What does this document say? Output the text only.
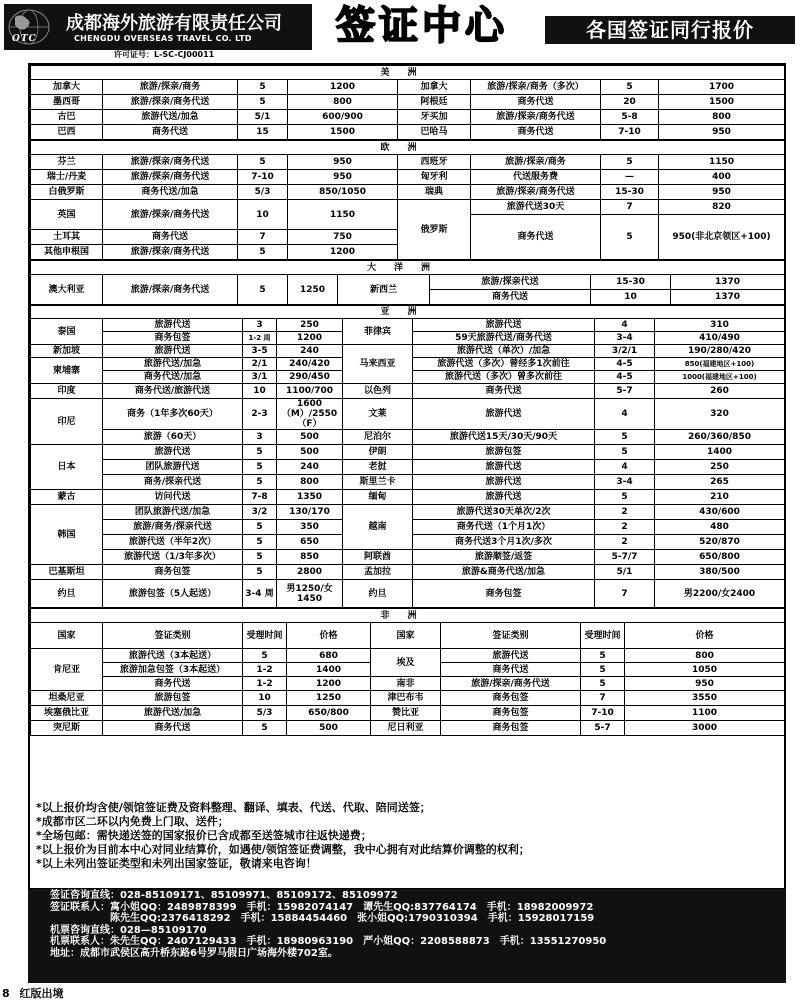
OTC
成都海外旅游有限责任公司
CHENGDU OVERSEAS TRAVEL CO. LTD
许可证号：L-SC-CJ00011
签证中心	各国签证同行报价
美洲							
加拿大	旅游/探亲/商务	5	1200	加拿大	旅游/探亲/商务（多次）	5	1700
墨西哥	旅游/探亲/商务代送	5	800	阿根廷	商务代送	20	1500
古巴	旅游代送/加急	5/1	600/900	牙买加	旅游/探亲/商务代送	5-8	800
巴西	商务代送	15	1500	巴哈马	商务代送	7-10	950
欧洲							
芬兰	旅游/探亲/商务代送	5	950	西班牙	旅游/探亲/商务	5	1150
瑞士/丹麦	旅游/探亲/商务代送	7-10	950	匈牙利	代送服务费	—	400
白俄罗斯	商务代送/加急	5/3	850/1050	瑞典	旅游/探亲/商务代送	15-30	950
英国	旅游/探亲/商务代送	10	1150	俄罗斯	旅游代送30天	7	820
					商务代送	5	950(非北京领区+100)
土耳其	商务代送	7	750				
其他申根国	旅游/探亲/商务代送	5	1200				
大洋洲							
澳大利亚	旅游/探亲/商务代送	5	1250	新西兰	旅游/探亲代送	15-30	1370
					商务代送	10	1370
亚洲							
泰国	旅游代送	3	250	菲律宾	旅游代送	4	310
	商务包签	1-2 周	1200		59天旅游代送/商务代送	3-4	410/490
新加坡	旅游代送	3-5	240	马来西亚	旅游代送（单次）/加急	3/2/1	190/280/420
柬埔寨	旅游代送/加急	2/1	240/420		旅游代送（多次）曾经多1次前往	4-5	850(福建地区+100)
	商务代送/加急	3/1	290/450		旅游代送（多次）曾多次前往	4-5	1000(福建地区+100)
印度	商务代送/旅游代送	10	1100/700	以色列	商务代送	5-7	260
印尼	商务（1年多次60天）	2-3	1600（M）/2550（F）	文莱	旅游代送	4	320
	旅游（60天）	3	500	尼泊尔	旅游代送15天/30天/90天	5	260/360/850
日本	旅游代送	5	500	伊朗	旅游包签	5	1400
	团队旅游代送	5	240	老挝	旅游代送	4	250
	商务/探亲代送	5	800	斯里兰卡	旅游代送	3-4	265
蒙古	访问代送	7-8	1350	缅甸	旅游代送	5	210
韩国	团队旅游代送/加急	3/2	130/170	越南	旅游代送30天单次/2次	2	430/600
	旅游/商务/探亲代送	5	350		商务代送（1个月1次）	2	480
	旅游代送（半年2次）	5	650		商务代送3个月1次/多次	2	520/870
	旅游代送（1/3年多次）	5	850	阿联酋	旅游顺签/返签	5-7/7	650/800
巴基斯坦	商务包签	5	2800	孟加拉	旅游&商务代送/加急	5/1	380/500
约旦	旅游包签（5人起送）	3-4 周	男1250/女1450	约旦	商务包签	7	男2200/女2400
非洲							
国家	签证类别	受理时间	价格	国家	签证类别	受理时间	价格
肯尼亚	旅游代送（3本起送）	5	680	埃及	旅游代送	5	800
	旅游加急包签（3本起送）	1-2	1400		商务代送	5	1050
	商务代送	1-2	1200	南非	旅游/探亲/商务代送	5	950
坦桑尼亚	旅游包签	10	1250	津巴布韦	商务包签	7	3550
埃塞俄比亚	旅游代送/加急	5/3	650/800	赞比亚	商务包签	7-10	1100
突尼斯	商务代送	5	500	尼日利亚	商务包签	5-7	3000
*以上报价均含使/领馆签证费及资料整理、翻译、填表、代送、代取、陪同送签；
*成都市区二环以内免费上门取、送件；
*全场包邮：需快递送签的国家报价已含成都至送签城市往返快递费；
*以上报价为目前本中心对同业结算价，如遇使/领馆签证费调整，我中心拥有对此结算价调整的权利；
*以上未列出签证类型和未列出国家签证，敬请来电咨询！
签证咨询直线：028-85109171、85109971、85109172、85109972
签证联系人：寓小姐QQ：2489878399　手机：15982074147　谭先生QQ:837764174　手机：18982009972
　　　　　　陈先生QQ:2376418292　手机：15884454460　张小姐QQ:1790310394　手机：15928017159
机票咨询直线：028—85109170
机票联系人：朱先生QQ：2407129433　手机：18980963190　严小姐QQ：2208588873　手机：13551270950
地址：成都市武侯区高升桥东路6号罗马假日广场海外楼702室。
8 红版出境
